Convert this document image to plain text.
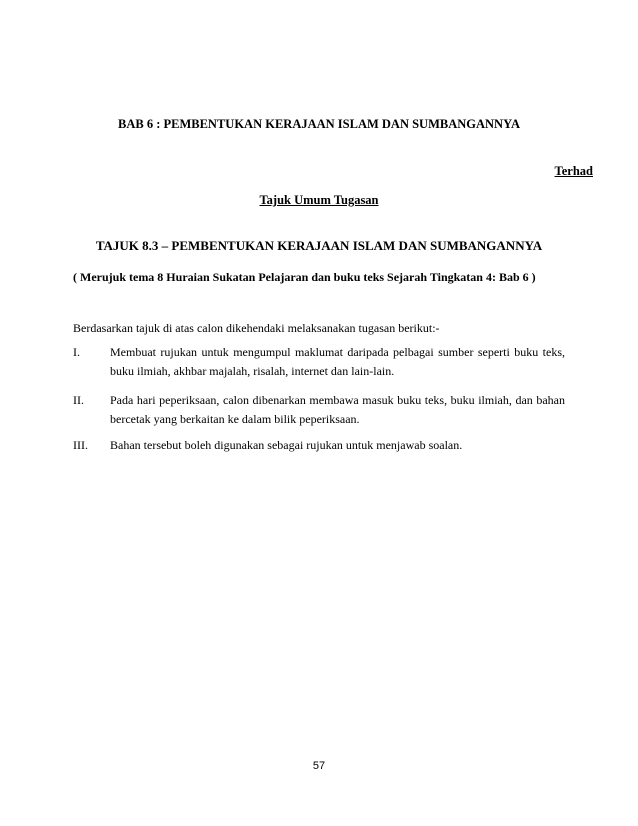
BAB 6 : PEMBENTUKAN KERAJAAN ISLAM DAN SUMBANGANNYA
Terhad
Tajuk Umum Tugasan
TAJUK 8.3 – PEMBENTUKAN KERAJAAN ISLAM DAN SUMBANGANNYA
( Merujuk tema 8 Huraian Sukatan Pelajaran dan buku teks Sejarah Tingkatan 4: Bab 6 )
Berdasarkan tajuk di atas calon dikehendaki melaksanakan tugasan berikut:-
I.	Membuat rujukan untuk mengumpul maklumat daripada pelbagai sumber seperti buku teks, buku ilmiah, akhbar majalah, risalah, internet dan lain-lain.
II. Pada hari peperiksaan, calon dibenarkan membawa masuk buku teks, buku ilmiah, dan bahan bercetak yang berkaitan ke dalam bilik peperiksaan.
III. Bahan tersebut boleh digunakan sebagai rujukan untuk menjawab soalan.
57
